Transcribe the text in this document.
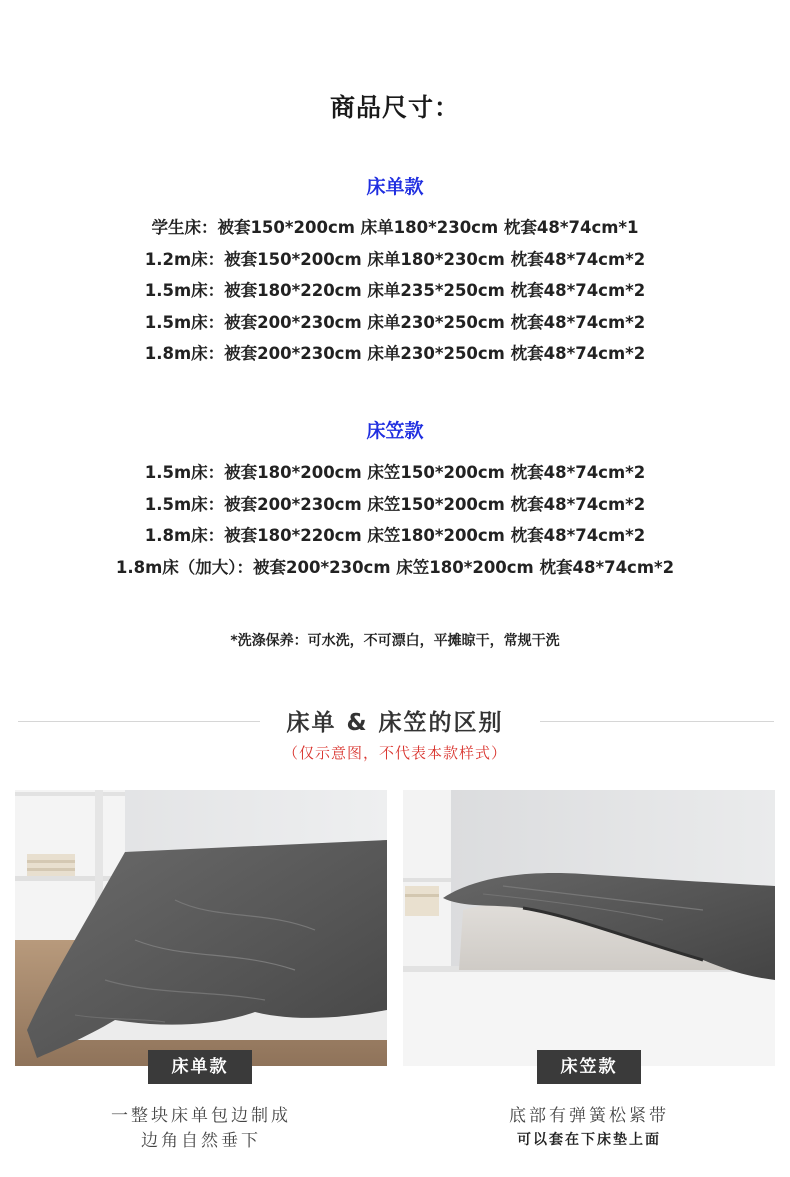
商品尺寸：
床单款
学生床：被套150*200cm 床单180*230cm 枕套48*74cm*1
1.2m床：被套150*200cm 床单180*230cm 枕套48*74cm*2
1.5m床：被套180*220cm 床单235*250cm 枕套48*74cm*2
1.5m床：被套200*230cm 床单230*250cm 枕套48*74cm*2
1.8m床：被套200*230cm 床单230*250cm 枕套48*74cm*2
床笠款
1.5m床：被套180*200cm 床笠150*200cm 枕套48*74cm*2
1.5m床：被套200*230cm 床笠150*200cm 枕套48*74cm*2
1.8m床：被套180*220cm 床笠180*200cm 枕套48*74cm*2
1.8m床（加大）：被套200*230cm 床笠180*200cm 枕套48*74cm*2
*洗涤保养：可水洗，不可漂白，平摊晾干，常规干洗
床单 & 床笠的区别
（仅示意图，不代表本款样式）
床单款	床笠款
一整块床单包边制成
边角自然垂下
底部有弹簧松紧带
可以套在下床垫上面
